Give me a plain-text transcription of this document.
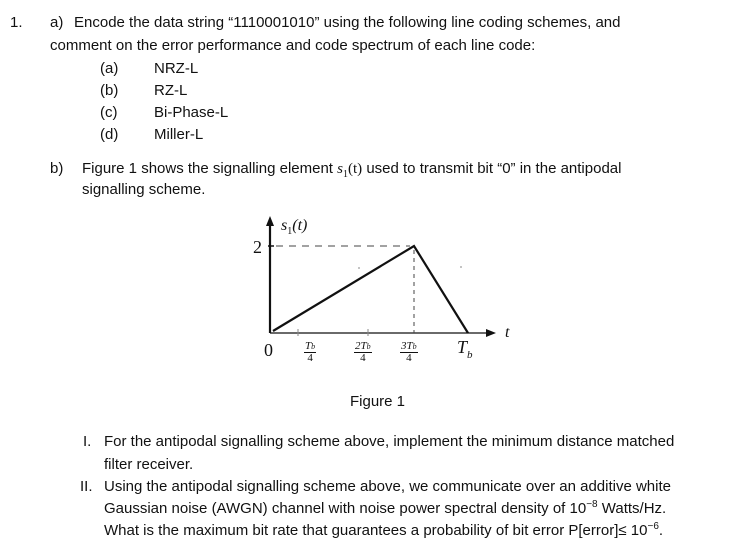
1. a) Encode the data string “1110001010” using the following line coding schemes, and
comment on the error performance and code spectrum of each line code:
(a) NRZ-L
(b) RZ-L
(c) Bi-Phase-L
(d) Miller-L
b) Figure 1 shows the signalling element $s_1(t)$ used to transmit bit “0” in the antipodal
signalling scheme.
$s_1(t)$
2
0
t
$\frac{Tb}{4}$	$\frac{2Tb}{4}$	$\frac{3Tb}{4} T_b$
Figure 1
I. For the antipodal signalling scheme above, implement the minimum distance matched
filter receiver.
II. Using the antipodal signalling scheme above, we communicate over an additive white
Gaussian noise (AWGN) channel with noise power spectral density of $10^{-8}$ Watts/Hz.
What is the maximum bit rate that guarantees a probability of bit error P[error]≤ $10^{-6}$.
